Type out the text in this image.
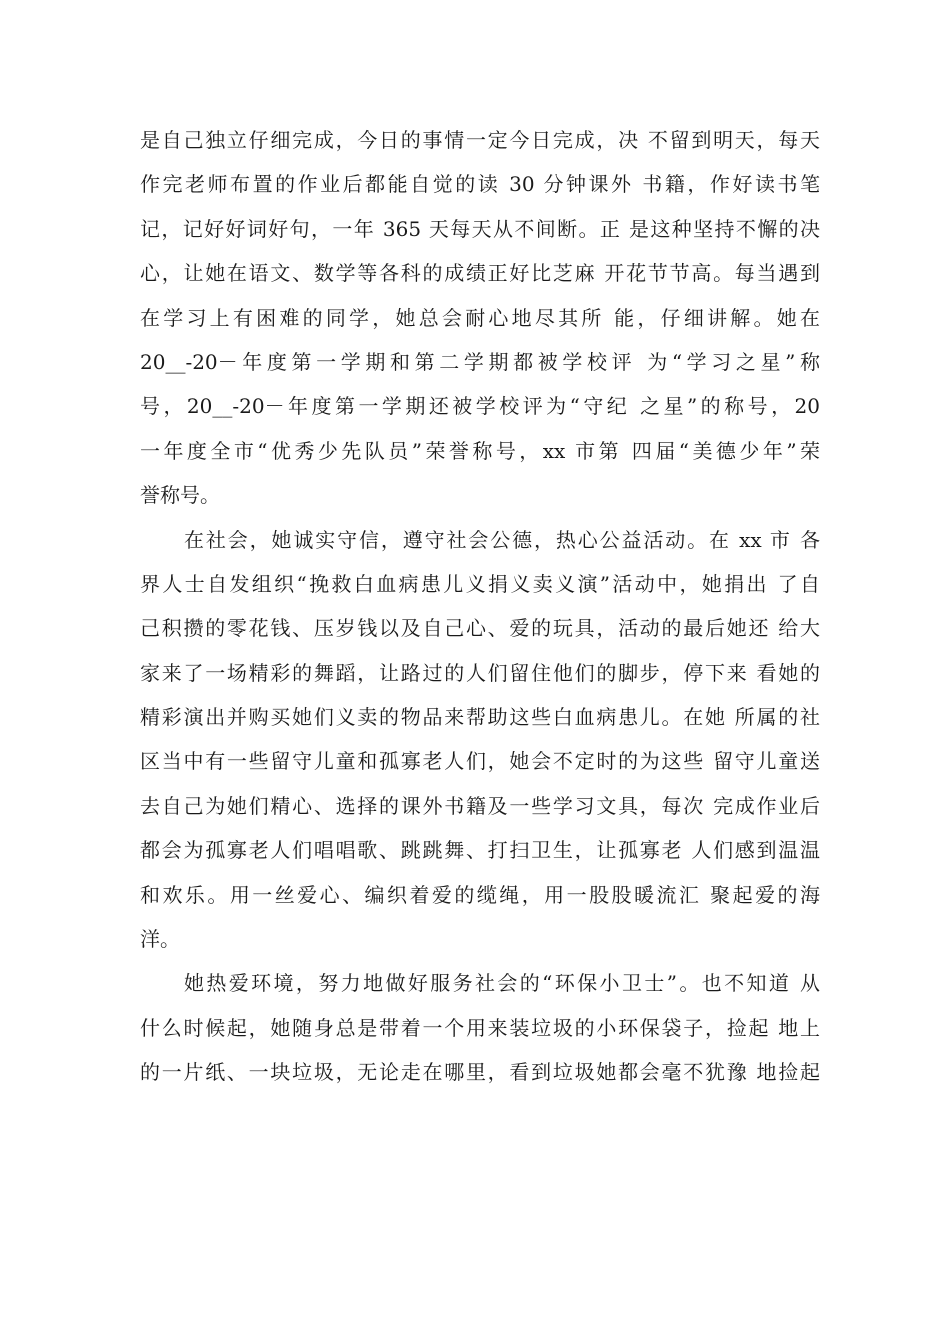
是自己独立仔细完成，今日的事情一定今日完成，决 不留到明天，每天
作完老师布置的作业后都能自觉的读 30 分钟课外 书籍，作好读书笔
记，记好好词好句，一年 365 天每天从不间断。正 是这种坚持不懈的决
心，让她在语文、数学等各科的成绩正好比芝麻 开花节节高。每当遇到
在学习上有困难的同学，她总会耐心地尽其所 能，仔细讲解。她在
20__-20－年度第一学期和第二学期都被学校评 为“学习之星”称
号，20__-20－年度第一学期还被学校评为“守纪 之星”的称号，20
一年度全市“优秀少先队员”荣誉称号，xx 市第 四届“美德少年”荣
誉称号。
在社会，她诚实守信，遵守社会公德，热心公益活动。在 xx 市 各
界人士自发组织“挽救白血病患儿义捐义卖义演”活动中，她捐出 了自
己积攒的零花钱、压岁钱以及自己心、爱的玩具，活动的最后她还 给大
家来了一场精彩的舞蹈，让路过的人们留住他们的脚步，停下来 看她的
精彩演出并购买她们义卖的物品来帮助这些白血病患儿。在她 所属的社
区当中有一些留守儿童和孤寡老人们，她会不定时的为这些 留守儿童送
去自己为她们精心、选择的课外书籍及一些学习文具，每次 完成作业后
都会为孤寡老人们唱唱歌、跳跳舞、打扫卫生，让孤寡老 人们感到温温
和欢乐。用一丝爱心、编织着爱的缆绳，用一股股暖流汇 聚起爱的海
洋。
她热爱环境，努力地做好服务社会的“环保小卫士”。也不知道 从
什么时候起，她随身总是带着一个用来装垃圾的小环保袋子，捡起 地上
的一片纸、一块垃圾，无论走在哪里，看到垃圾她都会毫不犹豫 地捡起
